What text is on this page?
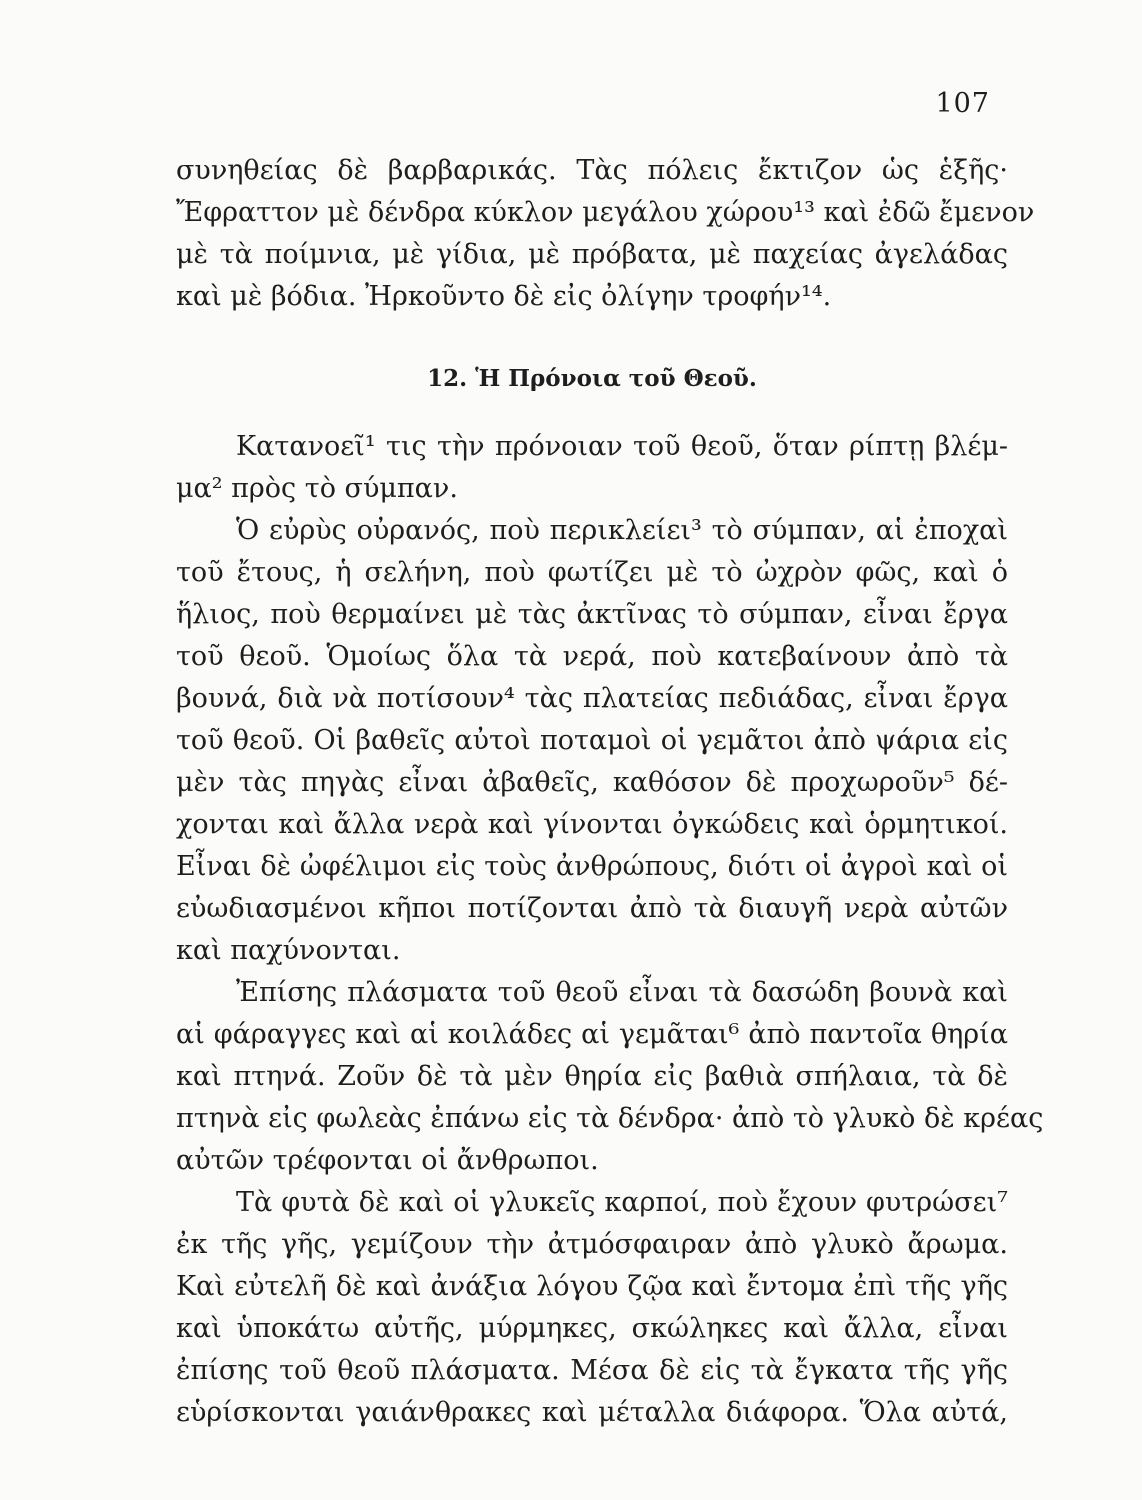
107
συνηθείας δὲ βαρβαρικάς. Τὰς πόλεις ἔκτιζον ὡς ἑξῆς·
Ἔφραττον μὲ δένδρα κύκλον μεγάλου χώρου¹³ καὶ ἐδῶ ἔμενον
μὲ τὰ ποίμνια, μὲ γίδια, μὲ πρόβατα, μὲ παχείας ἀγελάδας
καὶ μὲ βόδια. Ἠρκοῦντο δὲ εἰς ὀλίγην τροφήν¹⁴.
12. Ἡ Πρόνοια τοῦ Θεοῦ.
Κατανοεῖ¹ τις τὴν πρόνοιαν τοῦ θεοῦ, ὅταν ρίπτῃ βλέμ-
μα² πρὸς τὸ σύμπαν.
Ὁ εὐρὺς οὐρανός, ποὺ περικλείει³ τὸ σύμπαν, αἱ ἐποχαὶ
τοῦ ἔτους, ἡ σελήνη, ποὺ φωτίζει μὲ τὸ ὠχρὸν φῶς, καὶ ὁ
ἥλιος, ποὺ θερμαίνει μὲ τὰς ἀκτῖνας τὸ σύμπαν, εἶναι ἔργα
τοῦ θεοῦ. Ὁμοίως ὅλα τὰ νερά, ποὺ κατεβαίνουν ἀπὸ τὰ
βουνά, διὰ νὰ ποτίσουν⁴ τὰς πλατείας πεδιάδας, εἶναι ἔργα
τοῦ θεοῦ. Οἱ βαθεῖς αὐτοὶ ποταμοὶ οἱ γεμᾶτοι ἀπὸ ψάρια εἰς
μὲν τὰς πηγὰς εἶναι ἀβαθεῖς, καθόσον δὲ προχωροῦν⁵ δέ-
χονται καὶ ἄλλα νερὰ καὶ γίνονται ὀγκώδεις καὶ ὁρμητικοί.
Εἶναι δὲ ὠφέλιμοι εἰς τοὺς ἀνθρώπους, διότι οἱ ἀγροὶ καὶ οἱ
εὐωδιασμένοι κῆποι ποτίζονται ἀπὸ τὰ διαυγῆ νερὰ αὐτῶν
καὶ παχύνονται.
Ἐπίσης πλάσματα τοῦ θεοῦ εἶναι τὰ δασώδη βουνὰ καὶ
αἱ φάραγγες καὶ αἱ κοιλάδες αἱ γεμᾶται⁶ ἀπὸ παντοῖα θηρία
καὶ πτηνά. Ζοῦν δὲ τὰ μὲν θηρία εἰς βαθιὰ σπήλαια, τὰ δὲ
πτηνὰ εἰς φωλεὰς ἐπάνω εἰς τὰ δένδρα· ἀπὸ τὸ γλυκὸ δὲ κρέας
αὐτῶν τρέφονται οἱ ἄνθρωποι.
Τὰ φυτὰ δὲ καὶ οἱ γλυκεῖς καρποί, ποὺ ἔχουν φυτρώσει⁷
ἐκ τῆς γῆς, γεμίζουν τὴν ἀτμόσφαιραν ἀπὸ γλυκὸ ἄρωμα.
Καὶ εὐτελῆ δὲ καὶ ἀνάξια λόγου ζῷα καὶ ἔντομα ἐπὶ τῆς γῆς
καὶ ὑποκάτω αὐτῆς, μύρμηκες, σκώληκες καὶ ἄλλα, εἶναι
ἐπίσης τοῦ θεοῦ πλάσματα. Μέσα δὲ εἰς τὰ ἔγκατα τῆς γῆς
εὑρίσκονται γαιάνθρακες καὶ μέταλλα διάφορα. Ὅλα αὐτά,
